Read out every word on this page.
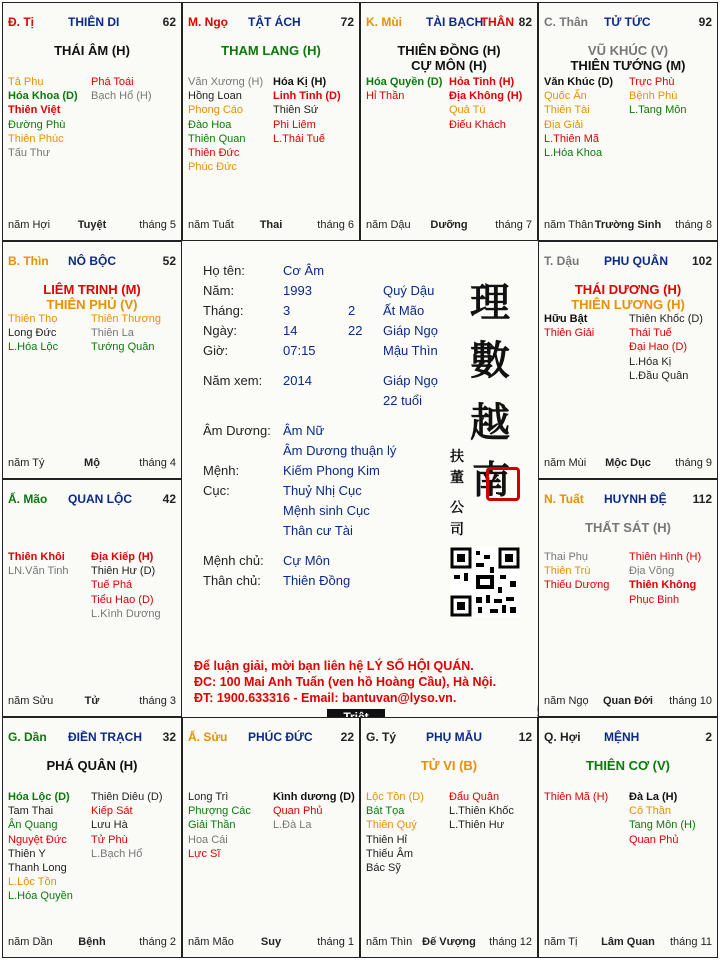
理
數
越
南
扶
董
公
司
Họ tên:	Cơ Âm
Năm:	1993	Quý Dậu
Tháng:	3	2 Ất Mão
Ngày:	14	22 Giáp Ngọ
Giờ:	07:15	Mậu Thìn
Năm xem: 2014	Giáp Ngọ
22 tuổi
Âm Dương: Âm Nữ
Âm Dương thuận lý
Mệnh:	Kiếm Phong Kim
Cục:	Thuỷ Nhị Cục
Mệnh sinh Cục
Thân cư Tài
Mệnh chủ: Cự Môn
Thân chủ: Thiên Đồng
Để luận giải, mời bạn liên hệ LÝ SỐ HỘI QUÁN.
ĐC: 100 Mai Anh Tuấn (ven hồ Hoàng Cầu), Hà Nội.
ĐT: 1900.633316 - Email: bantuvan@lyso.vn.
Đ. Tị	THIÊN DI	62
THÁI ÂM (H)
Tả Phụ
Hóa Khoa (D)
Thiên Việt
Đường Phù
Thiên Phúc
Tấu Thư
Phá Toái
Bạch Hổ (H)
năm Hợi	Tuyệt	tháng 5
M. Ngọ TẬT ÁCH	72
THAM LANG (H)
Văn Xương (H)
Hồng Loan
Phong Cáo
Đào Hoa
Thiên Quan
Thiên Đức
Phúc Đức
Hóa Kị (H)
Linh Tinh (D)
Thiên Sứ
Phi Liêm
L.Thái Tuế
năm Tuất	Thai	tháng 6
K. Mùi TÀI BẠCH
THÂN 82
THIÊN ĐỒNG (H)
CỰ MÔN (H)
Hóa Quyền (D)
Hỉ Thần
Hỏa Tinh (H)
Địa Không (H)
Quả Tú
Điếu Khách
năm Dậu	Dưỡng	tháng 7
C. Thân TỬ TỨC	92
VŨ KHÚC (V)
THIÊN TƯỚNG (M)
Văn Khúc (D)
Quốc Ấn
Thiên Tài
Địa Giải
L.Thiên Mã
L.Hóa Khoa
Trực Phù
Bệnh Phù
L.Tang Môn
năm Thân Trường Sinh	tháng 8
B. Thìn NÔ BỘC	52
LIÊM TRINH (M)
THIÊN PHỦ (V)
Thiên Thọ
Long Đức
L.Hóa Lộc
Thiên Thương
Thiên La
Tướng Quân
năm Tý	Mộ	tháng 4
T. Dậu PHU QUÂN 102
THÁI DƯƠNG (H)
THIÊN LƯƠNG (H)
Hữu Bật
Thiên Giải
Thiên Khốc (D)
Thái Tuế
Đại Hao (D)
L.Hóa Kị
L.Đầu Quân
năm Mùi	Mộc Dục	tháng 9
Ấ. Mão QUAN LỘC	42
Thiên Khôi
LN.Văn Tinh
Địa Kiếp (H)
Thiên Hư (D)
Tuế Phá
Tiểu Hao (D)
L.Kình Dương
năm Sửu	Tử	tháng 3
N. Tuất HUYNH ĐỆ 112
THẤT SÁT (H)
Thai Phụ
Thiên Trù
Thiếu Dương
Thiên Hình (H)
Địa Võng
Thiên Không
Phục Binh
năm Ngọ	Quan Đới	tháng 10
G. Dần ĐIỀN TRẠCH 32
PHÁ QUÂN (H)
Hóa Lộc (D)
Tam Thai
Ân Quang
Nguyệt Đức
Thiên Y
Thanh Long
L.Lộc Tồn
L.Hóa Quyền
Thiên Diêu (D)
Kiếp Sát
Lưu Hà
Tử Phù
L.Bạch Hổ
năm Dần	Bệnh	tháng 2
Ấ. Sửu PHÚC ĐỨC 22
Long Trì
Phượng Các
Giải Thần
Hoa Cái
Lực Sĩ
Kình dương (D)
Quan Phủ
L.Đà La
năm Mão	Suy	tháng 1
G. Tý PHỤ MẪU	12
TỬ VI (B)
Lộc Tồn (D)
Bát Tọa
Thiên Quý
Thiên Hỉ
Thiếu Âm
Bác Sỹ
Đẩu Quân
L.Thiên Khốc
L.Thiên Hư
năm Thìn Đế Vượng	tháng 12
Q. Hợi MỆNH	2
THIÊN CƠ (V)
Thiên Mã (H) Đà La (H)
Cô Thần
Tang Môn (H)
Quan Phủ
năm Tị	Lâm Quan	tháng 11
